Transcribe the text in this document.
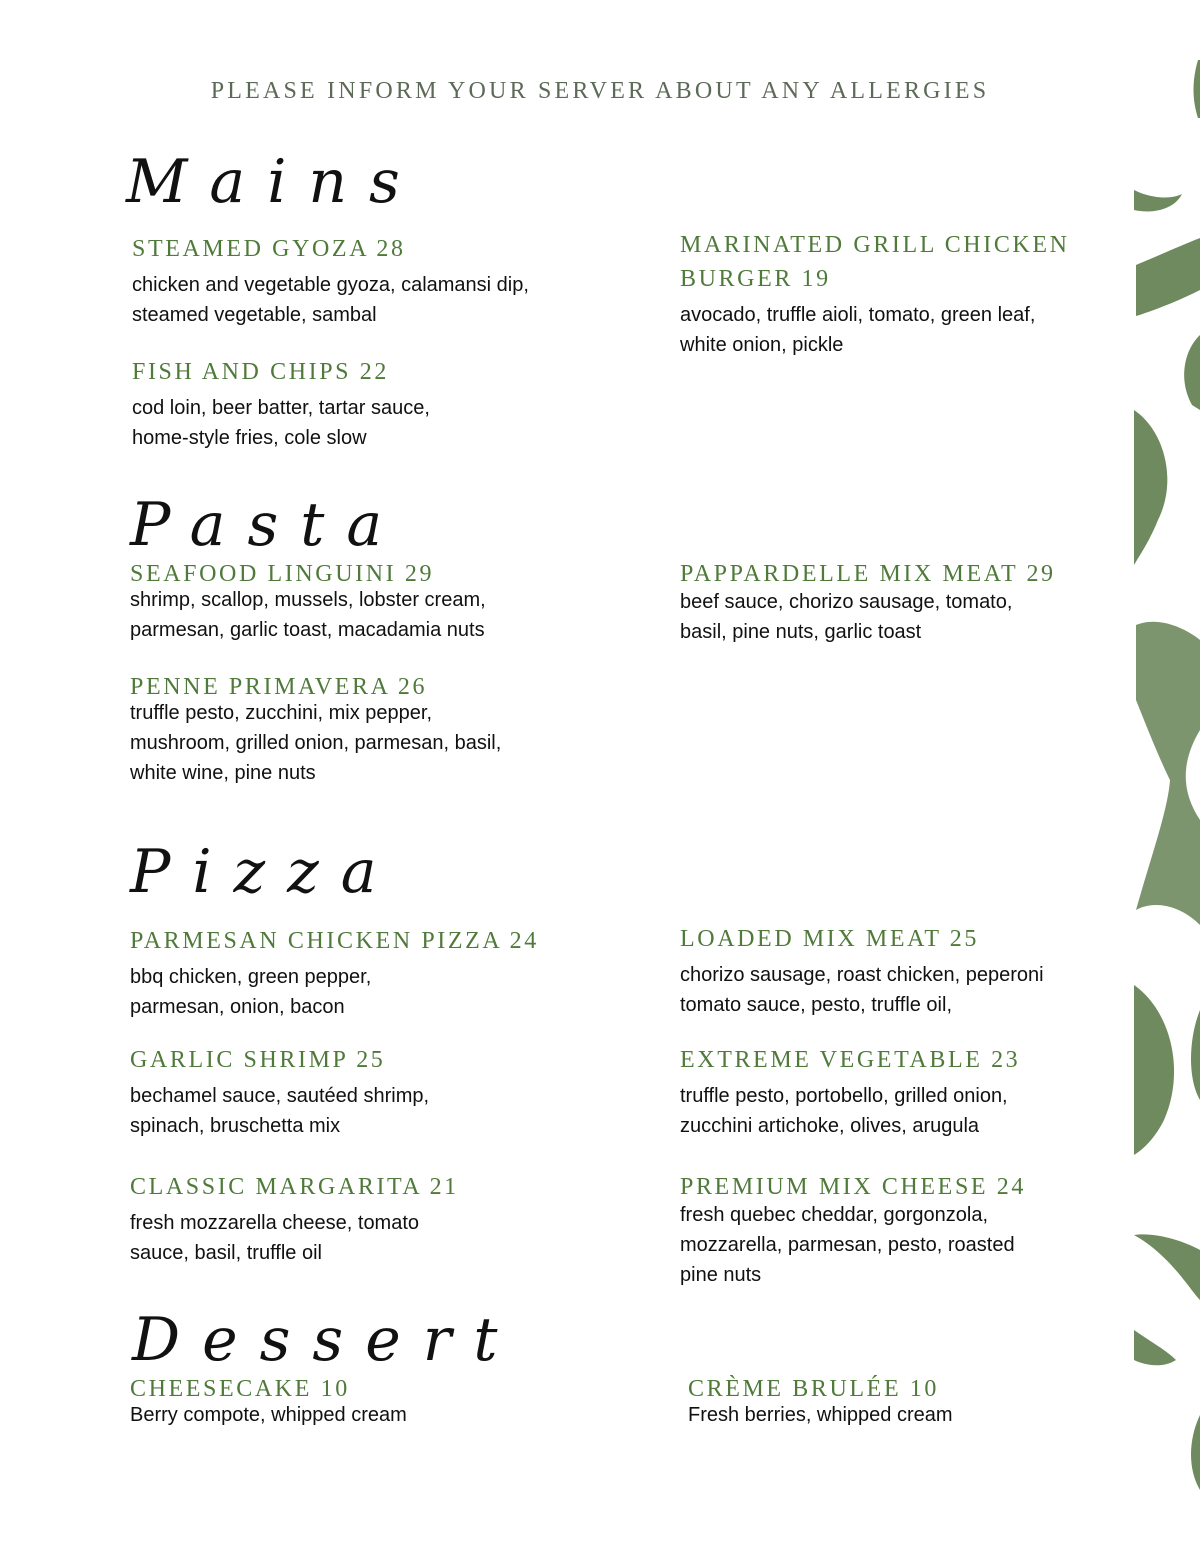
PLEASE INFORM YOUR SERVER ABOUT ANY ALLERGIES
Mains
STEAMED GYOZA 28
chicken and vegetable gyoza, calamansi dip,
steamed vegetable, sambal
MARINATED GRILL CHICKEN
BURGER 19
avocado, truffle aioli, tomato, green leaf,
white onion, pickle
FISH AND CHIPS 22
cod loin, beer batter, tartar sauce,
home-style fries, cole slow
Pasta
SEAFOOD LINGUINI 29
shrimp, scallop, mussels, lobster cream,
parmesan, garlic toast, macadamia nuts
PAPPARDELLE MIX MEAT 29
beef sauce, chorizo sausage, tomato,
basil, pine nuts, garlic toast
PENNE PRIMAVERA 26
truffle pesto, zucchini, mix pepper,
mushroom, grilled onion, parmesan, basil,
white wine, pine nuts
Pizza
PARMESAN CHICKEN PIZZA 24
bbq chicken, green pepper,
parmesan, onion, bacon
LOADED MIX MEAT 25
chorizo sausage, roast chicken, peperoni
tomato sauce, pesto, truffle oil,
GARLIC SHRIMP 25
bechamel sauce, sautéed shrimp,
spinach, bruschetta mix
EXTREME VEGETABLE 23
truffle pesto, portobello, grilled onion,
zucchini artichoke, olives, arugula
CLASSIC MARGARITA 21
fresh mozzarella cheese, tomato
sauce, basil, truffle oil
PREMIUM MIX CHEESE 24
fresh quebec cheddar, gorgonzola,
mozzarella, parmesan, pesto, roasted
pine nuts
Dessert
CHEESECAKE 10
Berry compote, whipped cream
CRÈME BRULÉE 10
Fresh berries, whipped cream
